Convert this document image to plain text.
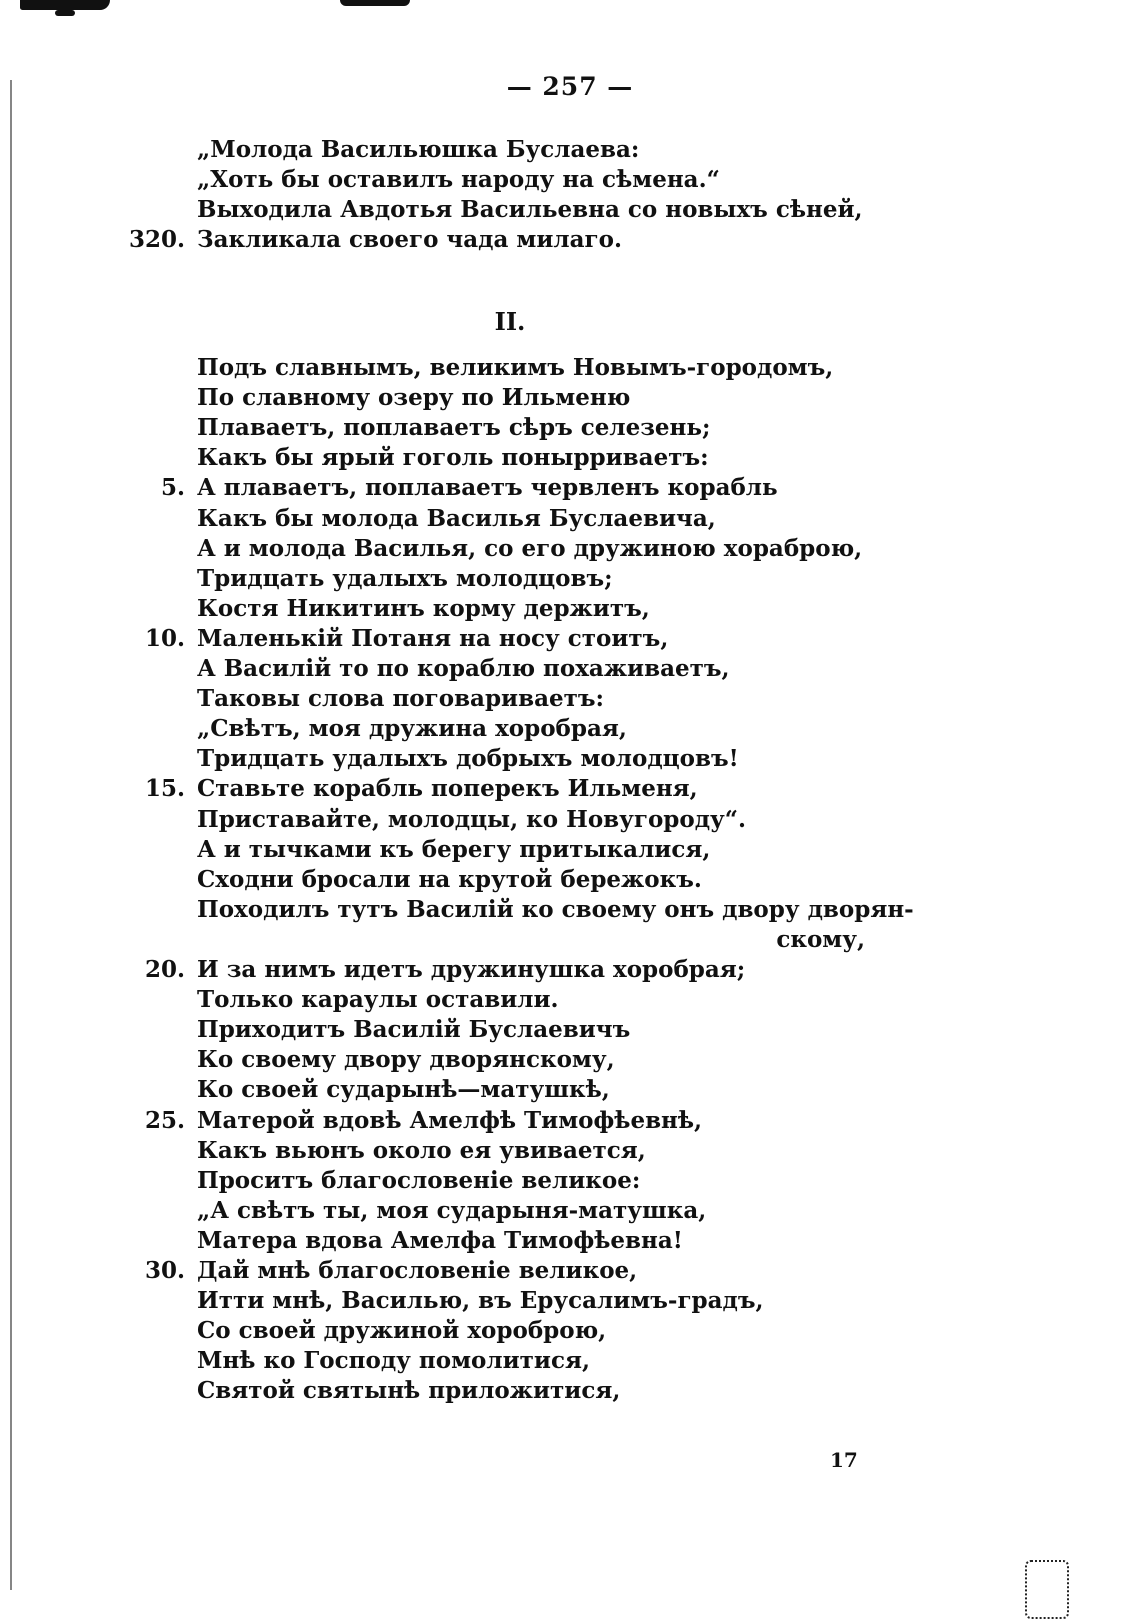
— 257 —
„Молода Васильюшка Буслаева:
„Хоть бы оставилъ народу на сѣмена.“
Выходила Авдотья Васильевна со новыхъ сѣней,
320. Закликала своего чада милаго.
Подъ славнымъ, великимъ Новымъ-городомъ,
По славному озеру по Ильменю
Плаваетъ, поплаваетъ сѣръ селезень;
Какъ бы ярый гоголь понырриваетъ:
5. А плаваетъ, поплаваетъ червленъ корабль
Какъ бы молода Василья Буслаевича,
А и молода Василья, со его дружиною хораброю,
Тридцать удалыхъ молодцовъ;
Костя Никитинъ корму держитъ,
10. Маленькій Потаня на носу стоитъ,
А Василій то по кораблю похаживаетъ,
Таковы слова поговариваетъ:
„Свѣтъ, моя дружина хоробрая,
Тридцать удалыхъ добрыхъ молодцовъ!
15. Ставьте корабль поперекъ Ильменя,
Приставайте, молодцы, ко Новугороду“.
А и тычками къ берегу притыкалися,
Сходни бросали на крутой бережокъ.
Походилъ тутъ Василій ко своему онъ двору дворян-
скому,
20. И за нимъ идетъ дружинушка хоробрая;
Только караулы оставили.
Приходитъ Василій Буслаевичъ
Ко своему двору дворянскому,
Ко своей сударынѣ—матушкѣ,
25. Матерой вдовѣ Амелфѣ Тимофѣевнѣ,
Какъ вьюнъ около ея увивается,
Проситъ благословеніе великое:
„А свѣтъ ты, моя сударыня-матушка,
Матера вдова Амелфа Тимофѣевна!
30. Дай мнѣ благословеніе великое,
Итти мнѣ, Василью, въ Ерусалимъ-градъ,
Со своей дружиной хороброю,
Мнѣ ко Господу помолитися,
Святой святынѣ приложитися,
II.
17
